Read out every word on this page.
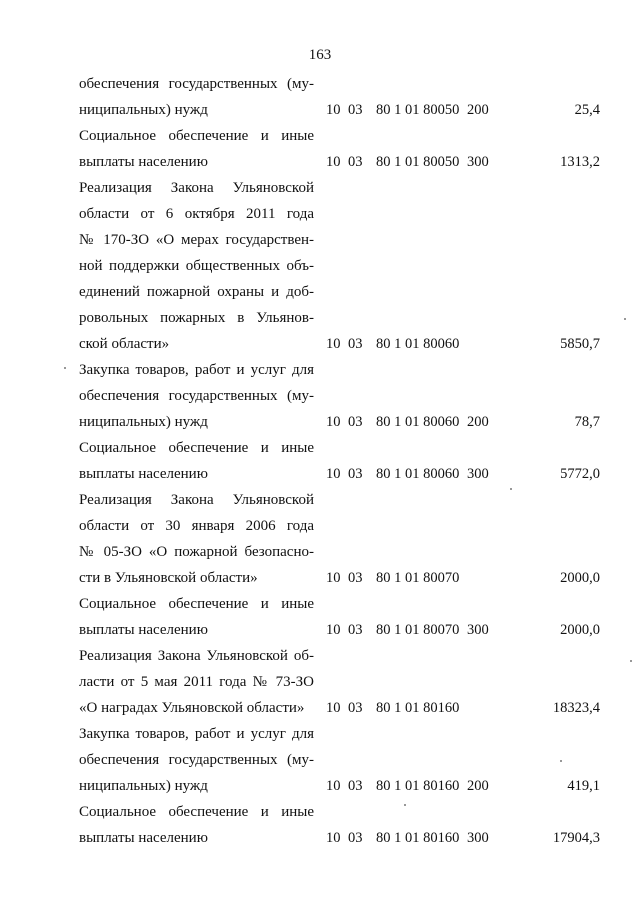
163
обеспечения государственных (му-
ниципальных) нужд	10 03 80 1 01 80050 200	25,4
Социальное обеспечение и иные
выплаты населению	10 03 80 1 01 80050 300	1313,2
Реализация Закона Ульяновской
области от 6 октября 2011 года
№ 170-ЗО «О мерах государствен-
ной поддержки общественных объ-
единений пожарной охраны и доб-
ровольных пожарных в Ульянов-
ской области»	10 03 80 1 01 80060	5850,7
Закупка товаров, работ и услуг для
обеспечения государственных (му-
ниципальных) нужд	10 03 80 1 01 80060 200	78,7
Социальное обеспечение и иные
выплаты населению	10 03 80 1 01 80060 300	5772,0
Реализация Закона Ульяновской
области от 30 января 2006 года
№ 05-ЗО «О пожарной безопасно-
сти в Ульяновской области»	10 03 80 1 01 80070	2000,0
Социальное обеспечение и иные
выплаты населению	10 03 80 1 01 80070 300	2000,0
Реализация Закона Ульяновской об-
ласти от 5 мая 2011 года № 73-ЗО
«О наградах Ульяновской области»	10 03 80 1 01 80160	18323,4
Закупка товаров, работ и услуг для
обеспечения государственных (му-
ниципальных) нужд	10 03 80 1 01 80160 200	419,1
Социальное обеспечение и иные
выплаты населению	10 03 80 1 01 80160 300	17904,3
